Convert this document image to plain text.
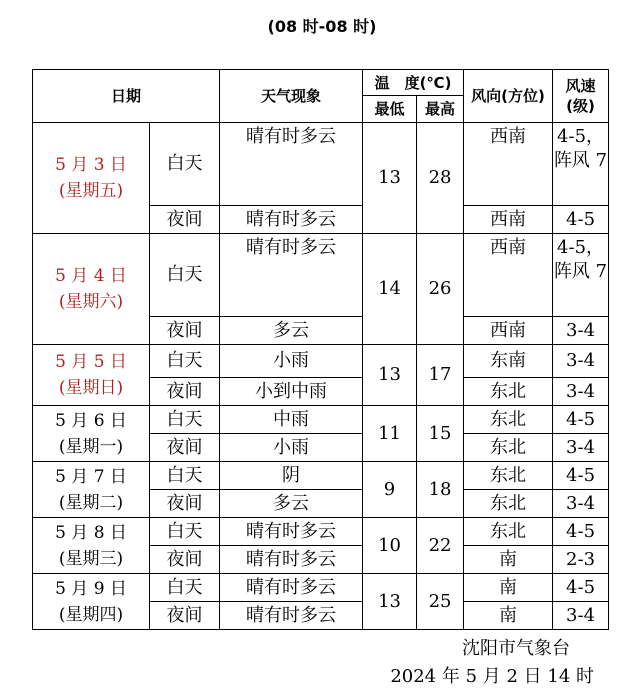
(08 时-08 时)
日期		天气现象	温　度(℃)		风向(方位)	风速(级)
			最低	最高		

5 月 3 日
(星期五)	白天	晴有时多云	13	28	西南	4-5，阵风 7
	夜间	晴有时多云			西南	4-5

5 月 4 日
(星期六)	白天	晴有时多云	14	26	西南	4-5，阵风 7
	夜间	多云			西南	3-4

5 月 5 日
(星期日)	白天	小雨	13	17	东南	3-4
	夜间	小到中雨			东北	3-4

5 月 6 日
(星期一)	白天	中雨	11	15	东北	4-5
	夜间	小雨			东北	3-4

5 月 7 日
(星期二)	白天	阴	9	18	东北	4-5
	夜间	多云			东北	3-4

5 月 8 日
(星期三)	白天	晴有时多云	10	22	东北	4-5
	夜间	晴有时多云			南	2-3

5 月 9 日
(星期四)	白天	晴有时多云	13	25	南	4-5
	夜间	晴有时多云			南	3-4
沈阳市气象台
2024 年 5 月 2 日 14 时
